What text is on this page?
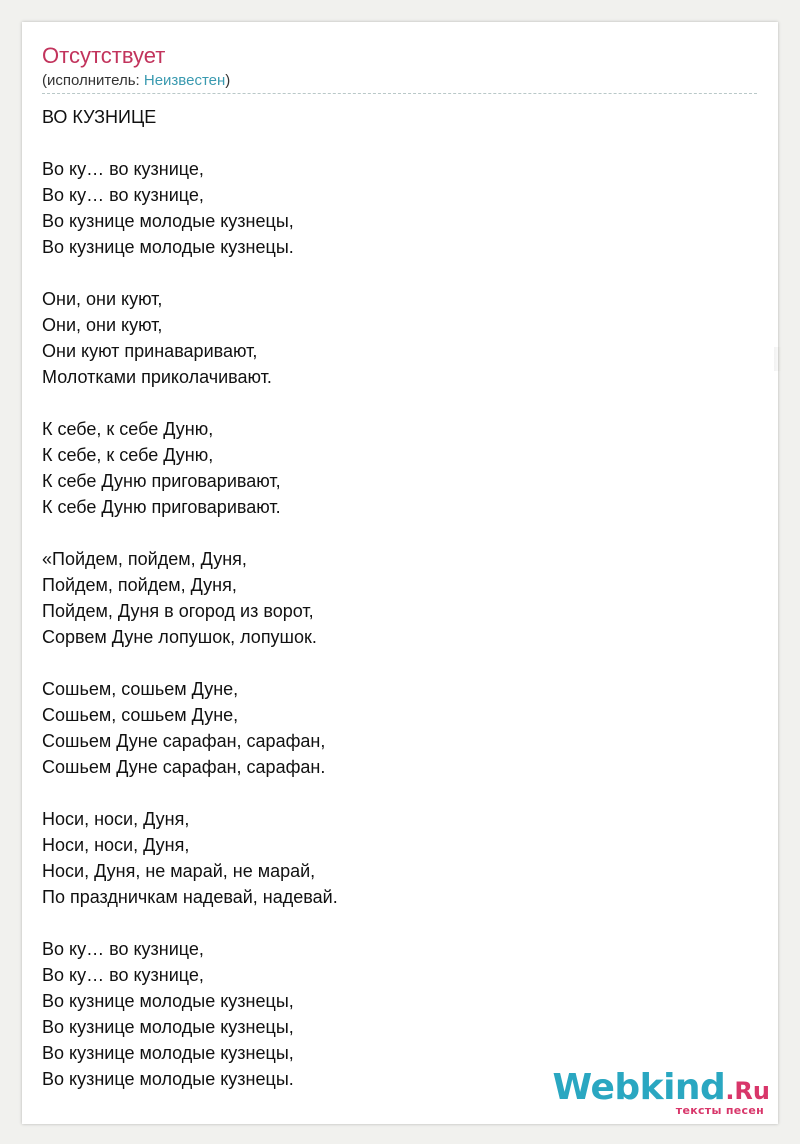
Отсутствует
(исполнитель: Неизвестен)
ВО КУЗНИЦЕ
Во ку… во кузнице,
Во ку… во кузнице,
Во кузнице молодые кузнецы,
Во кузнице молодые кузнецы.
Они, они куют,
Они, они куют,
Они куют принаваривают,
Молотками приколачивают.
К себе, к себе Дуню,
К себе, к себе Дуню,
К себе Дуню приговаривают,
К себе Дуню приговаривают.
«Пойдем, пойдем, Дуня,
Пойдем, пойдем, Дуня,
Пойдем, Дуня в огород из ворот,
Сорвем Дуне лопушок, лопушок.
Сошьем, сошьем Дуне,
Сошьем, сошьем Дуне,
Сошьем Дуне сарафан, сарафан,
Сошьем Дуне сарафан, сарафан.
Носи, носи, Дуня,
Носи, носи, Дуня,
Носи, Дуня, не марай, не марай,
По праздничкам надевай, надевай.
Во ку… во кузнице,
Во ку… во кузнице,
Во кузнице молодые кузнецы,
Во кузнице молодые кузнецы,
Во кузнице молодые кузнецы,
Во кузнице молодые кузнецы.	Webkind.Ru
тексты песен
